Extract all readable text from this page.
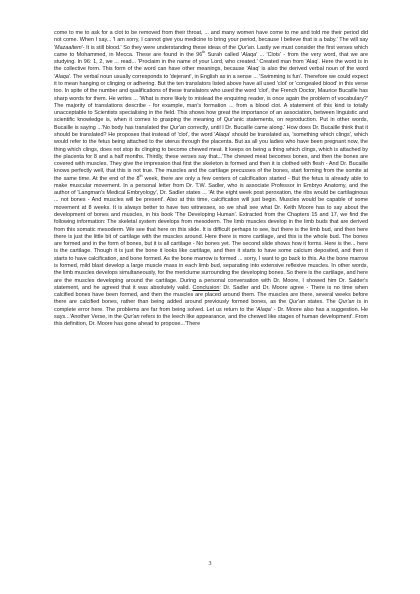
come to me to ask for a clot to be removed from their throat, ... and many women have come to me and told me their period did not come. When I say... 'I am sorry, I cannot give you medicine to bring your period, because I believe that is a baby.' The will say 'Mazaaltem'- It is still blood.' So they were understanding these ideas of the Qur'an. Lastly we must consider the first verses which came to Mohammed, in Mecca. These are found in the 96th Surah called 'Alaqa' ... 'Clots' - from the very word, that we are studying. In 96: 1, 2, we ... read... 'Proclaim in the name of your Lord, who created.' Created man from 'Alaq'. Here the word is in the collective form. This form of the word can have other meanings, because 'Alaq' is also the derived verbal noun of the word 'Alaqa'. The verbal noun usually corresponds to 'dejerant', in English as in a sense ... 'Swimming is fun'. Therefore we could expect it to mean hanging or clinging or adhering. But the ten translators listed above have all used 'clot' or 'congealed blood' in this verse too. In spite of the number and qualifications of these translators who used the word 'clot', the French Doctor, Maurice Bucaille has sharp words for them. He writes ... 'What is more likely to mislead the enquiring reader, is once again the problem of vocabulary?' The majority of translations describe - for example, man's formation ... from a blood clot. A statement of this kind is totally unacceptable to Scientists specialising in the field. This shows how great the importance of an association, between linguistic and scientific knowledge is, when it comes to grasping the meaning of Qur'anic statements, on reproduction. Put in other words, Bucaille is saying ...'No body has translated the Qur'an correctly, until I Dr. Bucaille came along.' How does Dr. Bucaille think that it should be translated? He proposes that instead of 'clot', the word 'Alaqa' should be translated as, 'something which clings', which would refer to the fetus being attached to the uterus through the placenta. But as all you ladies who have been pregnant now, the thing which clings, does not stop its clinging to become chewed meat. It keeps on being a thing which clings, which is attached by the placenta for 8 and a half months. Thirdly, these verses say that...'The chewed meat becomes bones, and then the bones are covered with muscles. They give the impression that first the skeleton is formed and then it is clothed with flesh - And Dr. Bucaille knows perfectly well, that this is not true. The muscles and the cartilage precusses of the bones, start forming from the somite at the same time. At the end of the 8th week, there are only a few centers of calcification started - But the fetus is already able to make muscular movement. In a personal letter from Dr. T.W. Sadler, who is associate Professor in Embryo Anatomy, and the author of 'Langman's Medical Embryology', Dr. Sadler states ... 'At the eight week post peroxation, the ribs would be cartilaginous ... not bones - And muscles will be present'. Also at this time, calcification will just begin. Muscles would be capable of some movement at 8 weeks. It is always better to have two witnesses, so we shall see what Dr. Keith Moore has to say about the development of bones and muscles, in his book 'The Developing Human'. Extracted from the Chapters 15 and 17, we find the following information: The skeletal system develops from mesoderm. The limb muscles develop in the limb buds that are derived from this somatic mesoderm. We see that here on this slide. It is difficult perhaps to see, but there is the limb bud, and then here there is just the little bit of cartilage with the muscles around. Here there is more cartilage, and this is the whole bud. The bones are formed and in the form of bones, but it is all cartilage - No bones yet. The second slide shows how it forms. Here is the... here is the cartilage. Though it is just the bone it looks like cartilage, and then it starts to have some calcium deposited, and then it starts to have calcification, and bone formed. As the bone marrow is formed ... sorry, I want to go back to this. As the bone marrow is formed, mild blast develop a large muscle mass in each limb bud, separating into extensive reflexive muscles. In other words, the limb muscles develops simultaneously, for the mericlume surrounding the developing bones. So there is the cartilage, and here are the muscles developing around the cartilage. During a personal conversation with Dr. Moore, I showed him Dr. Salder's statement, and he agreed that it was absolutely valid. Conclusion: Dr. Sadler and Dr. Moore agree - There is no time when calcified bones have been formed, and then the muscles are placed around them. The muscles are there, several weeks before there are calcified bones, rather than being added around previously formed bones, as the Qur'an states. The Qur'an is in complete error here. The problems are far from being solved. Let us return to the 'Alaqa' - Dr. Moore also has a suggestion. He says...'Another Verse, in the Qur'an refers to the leech like appearance, and the chewed like stages of human development'. From this definition, Dr. Moore has gone ahead to propose...'There

3
